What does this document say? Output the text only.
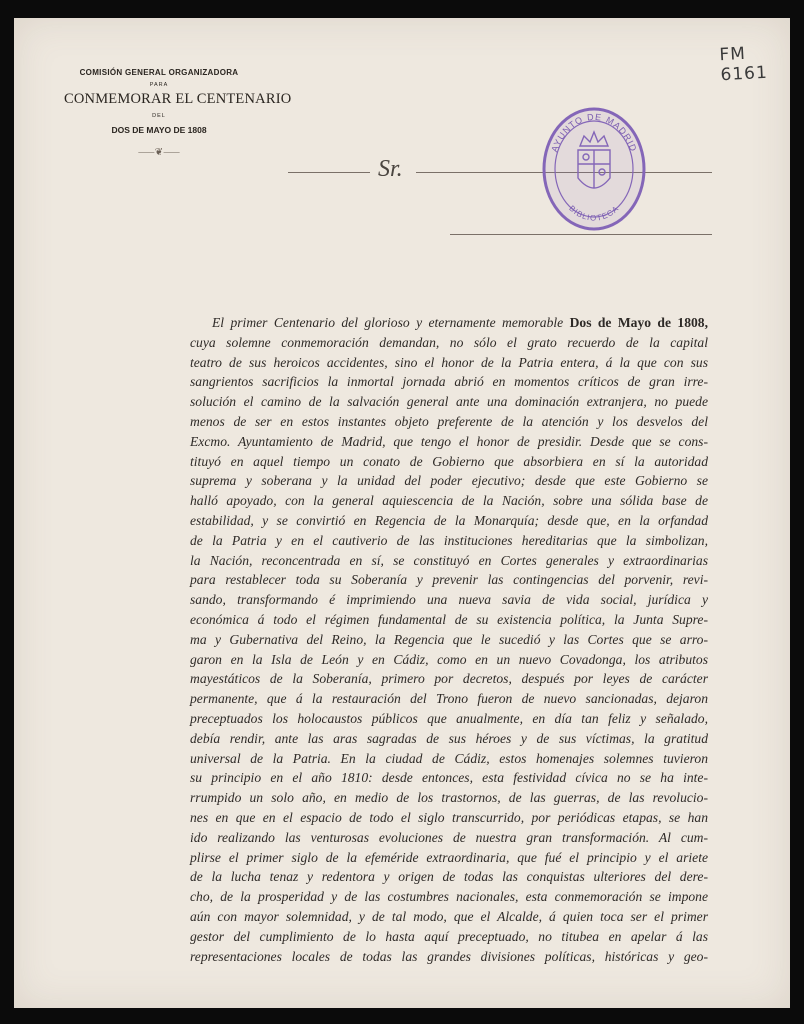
FM
6161
COMISIÓN GENERAL ORGANIZADORA
PARA
CONMEMORAR EL CENTENARIO
DEL
DOS DE MAYO DE 1808
⸺❦⸺
Sr.
AYUNTO DE MADRID
BIBLIOTECA
El primer Centenario del glorioso y eternamente memorable Dos de Mayo de 1808,
cuya solemne conmemoración demandan, no sólo el grato recuerdo de la capital
teatro de sus heroicos accidentes, sino el honor de la Patria entera, á la que con sus
sangrientos sacrificios la inmortal jornada abrió en momentos críticos de gran irre-
solución el camino de la salvación general ante una dominación extranjera, no puede
menos de ser en estos instantes objeto preferente de la atención y los desvelos del
Excmo. Ayuntamiento de Madrid, que tengo el honor de presidir. Desde que se cons-
tituyó en aquel tiempo un conato de Gobierno que absorbiera en sí la autoridad
suprema y soberana y la unidad del poder ejecutivo; desde que este Gobierno se
halló apoyado, con la general aquiescencia de la Nación, sobre una sólida base de
estabilidad, y se convirtió en Regencia de la Monarquía; desde que, en la orfandad
de la Patria y en el cautiverio de las instituciones hereditarias que la simbolizan,
la Nación, reconcentrada en sí, se constituyó en Cortes generales y extraordinarias
para restablecer toda su Soberanía y prevenir las contingencias del porvenir, revi-
sando, transformando é imprimiendo una nueva savia de vida social, jurídica y
económica á todo el régimen fundamental de su existencia política, la Junta Supre-
ma y Gubernativa del Reino, la Regencia que le sucedió y las Cortes que se arro-
garon en la Isla de León y en Cádiz, como en un nuevo Covadonga, los atributos
mayestáticos de la Soberanía, primero por decretos, después por leyes de carácter
permanente, que á la restauración del Trono fueron de nuevo sancionadas, dejaron
preceptuados los holocaustos públicos que anualmente, en día tan feliz y señalado,
debía rendir, ante las aras sagradas de sus héroes y de sus víctimas, la gratitud
universal de la Patria. En la ciudad de Cádiz, estos homenajes solemnes tuvieron
su principio en el año 1810: desde entonces, esta festividad cívica no se ha inte-
rrumpido un solo año, en medio de los trastornos, de las guerras, de las revolucio-
nes en que en el espacio de todo el siglo transcurrido, por periódicas etapas, se han
ido realizando las venturosas evoluciones de nuestra gran transformación. Al cum-
plirse el primer siglo de la efeméride extraordinaria, que fué el principio y el ariete
de la lucha tenaz y redentora y origen de todas las conquistas ulteriores del dere-
cho, de la prosperidad y de las costumbres nacionales, esta conmemoración se impone
aún con mayor solemnidad, y de tal modo, que el Alcalde, á quien toca ser el primer
gestor del cumplimiento de lo hasta aquí preceptuado, no titubea en apelar á las
representaciones locales de todas las grandes divisiones políticas, históricas y geo-
